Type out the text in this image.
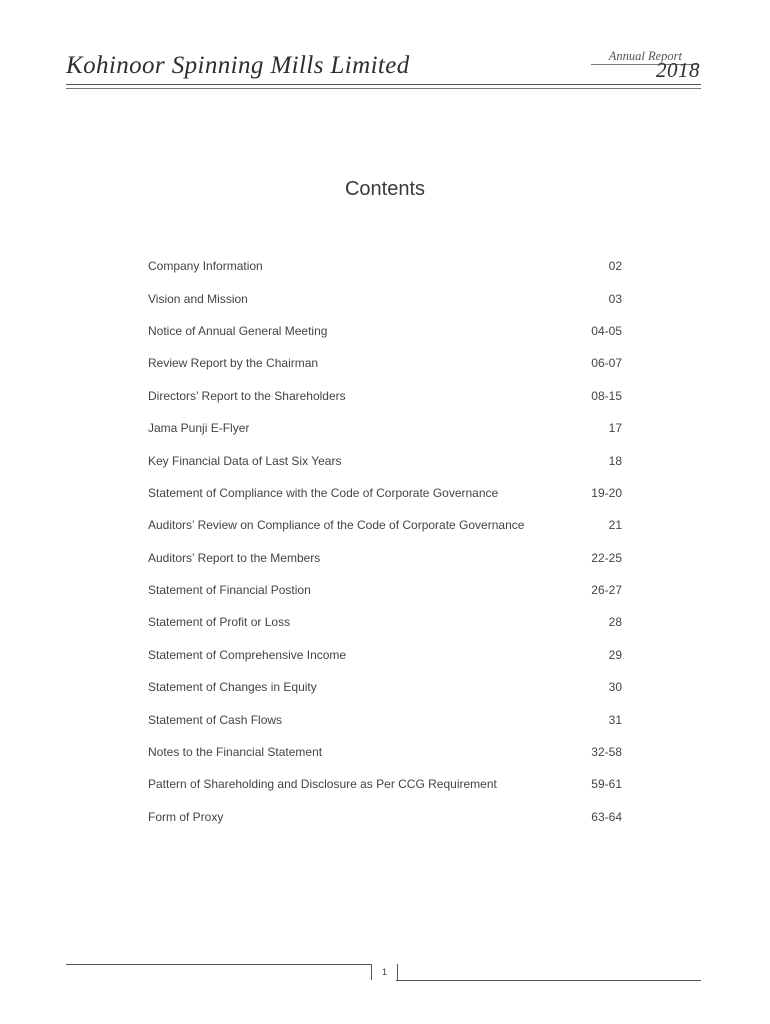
Kohinoor Spinning Mills Limited	Annual Report
2018
Contents
Company Information	02
Vision and Mission	03
Notice of Annual General Meeting	04-05
Review Report by the Chairman	06-07
Directors’ Report to the Shareholders	08-15
Jama Punji E-Flyer	17
Key Financial Data of Last Six Years	18
Statement of Compliance with the Code of Corporate Governance	19-20
Auditors’ Review on Compliance of the Code of Corporate Governance	21
Auditors’ Report to the Members	22-25
Statement of Financial Postion	26-27
Statement of Profit or Loss	28
Statement of Comprehensive Income	29
Statement of Changes in Equity	30
Statement of Cash Flows	31
Notes to the Financial Statement	32-58
Pattern of Shareholding and Disclosure as Per CCG Requirement	59-61
Form of Proxy	63-64
1
